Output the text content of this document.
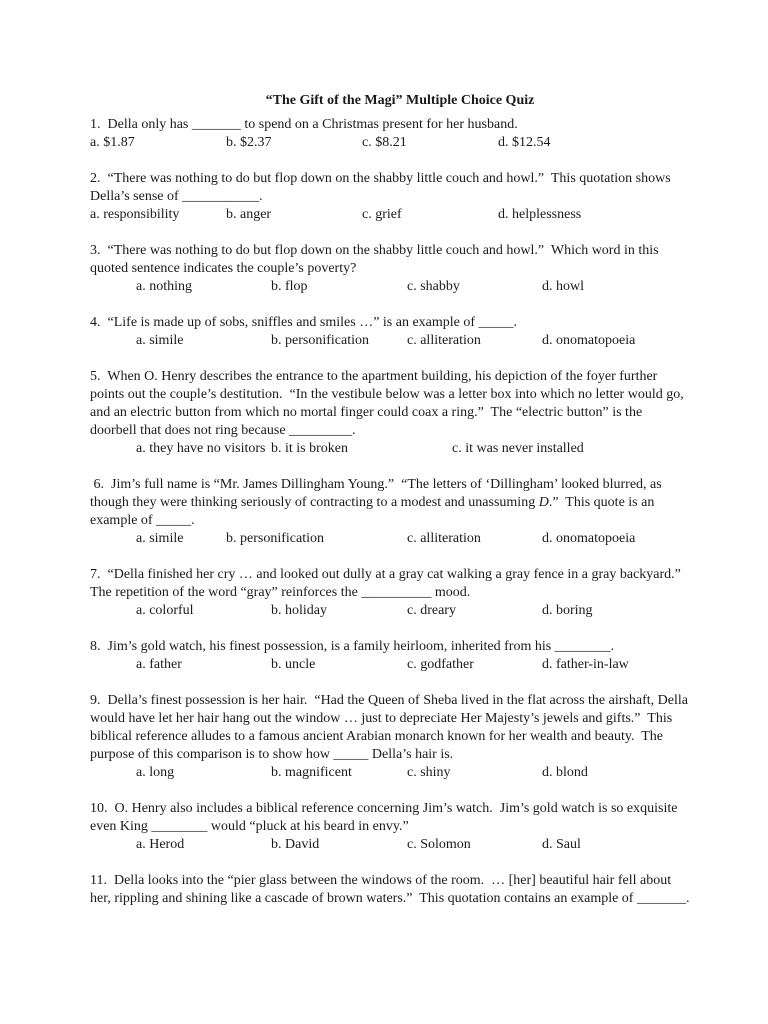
“The Gift of the Magi” Multiple Choice Quiz
1.  Della only has _______ to spend on a Christmas present for her husband.
a. $1.87	b. $2.37	c. $8.21	d. $12.54
2.  “There was nothing to do but flop down on the shabby little couch and howl.”  This quotation shows Della’s sense of ___________.
a. responsibility	b. anger	c. grief	d. helplessness
3.  “There was nothing to do but flop down on the shabby little couch and howl.”  Which word in this quoted sentence indicates the couple’s poverty?
a. nothing	b. flop	c. shabby	d. howl
4.  “Life is made up of sobs, sniffles and smiles …” is an example of _____.
a. simile	b. personification	c. alliteration	d. onomatopoeia
5.  When O. Henry describes the entrance to the apartment building, his depiction of the foyer further points out the couple’s destitution.  “In the vestibule below was a letter box into which no letter would go, and an electric button from which no mortal finger could coax a ring.”  The “electric button” is the doorbell that does not ring because _________.
a. they have no visitors b. it is broken	c. it was never installed
6.  Jim’s full name is “Mr. James Dillingham Young.”  “The letters of ‘Dillingham’ looked blurred, as though they were thinking seriously of contracting to a modest and unassuming D.”  This quote is an example of _____.
a. simile	b. personification	c. alliteration	d. onomatopoeia
7.  “Della finished her cry … and looked out dully at a gray cat walking a gray fence in a gray backyard.”  The repetition of the word “gray” reinforces the __________ mood.
a. colorful	b. holiday	c. dreary	d. boring
8.  Jim’s gold watch, his finest possession, is a family heirloom, inherited from his ________.
a. father	b. uncle	c. godfather	d. father-in-law
9.  Della’s finest possession is her hair.  “Had the Queen of Sheba lived in the flat across the airshaft, Della would have let her hair hang out the window … just to depreciate Her Majesty’s jewels and gifts.”  This biblical reference alludes to a famous ancient Arabian monarch known for her wealth and beauty.  The purpose of this comparison is to show how _____ Della’s hair is.
a. long	b. magnificent	c. shiny	d. blond
10.  O. Henry also includes a biblical reference concerning Jim’s watch.  Jim’s gold watch is so exquisite even King ________ would “pluck at his beard in envy.”
a. Herod	b. David	c. Solomon	d. Saul
11.  Della looks into the “pier glass between the windows of the room.  … [her] beautiful hair fell about her, rippling and shining like a cascade of brown waters.”  This quotation contains an example of _______.
